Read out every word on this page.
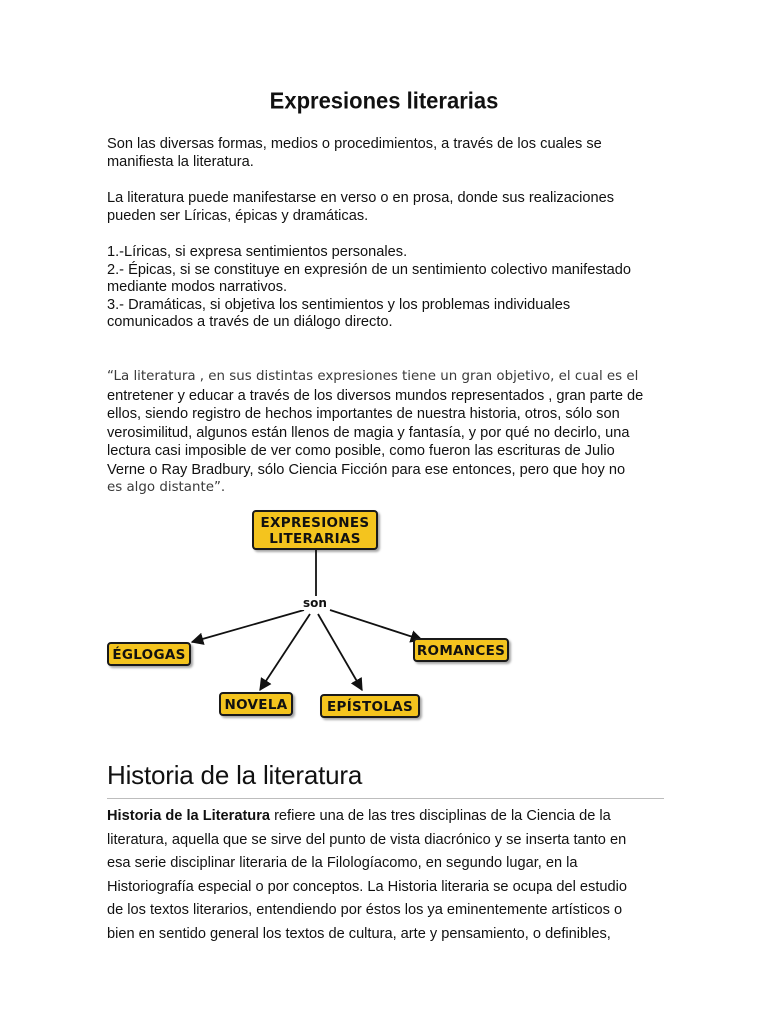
Expresiones literarias

Son las diversas formas, medios o procedimientos, a través de los cuales se
manifiesta la literatura.

La literatura puede manifestarse en verso o en prosa, donde sus realizaciones
pueden ser Líricas, épicas y dramáticas.

1.-Líricas, si expresa sentimientos personales.
2.- Épicas, si se constituye en expresión de un sentimiento colectivo manifestado
mediante modos narrativos.
3.- Dramáticas, si objetiva los sentimientos y los problemas individuales
comunicados a través de un diálogo directo.

“La literatura , en sus distintas expresiones tiene un gran objetivo, el cual es el
entretener y educar a través de los diversos mundos representados , gran parte de
ellos, siendo registro de hechos importantes de nuestra historia, otros, sólo son
verosimilitud, algunos están llenos de magia y fantasía, y por qué no decirlo, una
lectura casi imposible de ver como posible, como fueron las escrituras de Julio
Verne o Ray Bradbury, sólo Ciencia Ficción para ese entonces, pero que hoy no
es algo distante”.

EXPRESIONES
LITERARIAS
son
ÉGLOGAS	ROMANCES
NOVELA	EPÍSTOLAS
Historia de la literatura

Historia de la Literatura refiere una de las tres disciplinas de la Ciencia de la
literatura, aquella que se sirve del punto de vista diacrónico y se inserta tanto en
esa serie disciplinar literaria de la Filologíacomo, en segundo lugar, en la
Historiografía especial o por conceptos. La Historia literaria se ocupa del estudio
de los textos literarios, entendiendo por éstos los ya eminentemente artísticos o
bien en sentido general los textos de cultura, arte y pensamiento, o definibles,
